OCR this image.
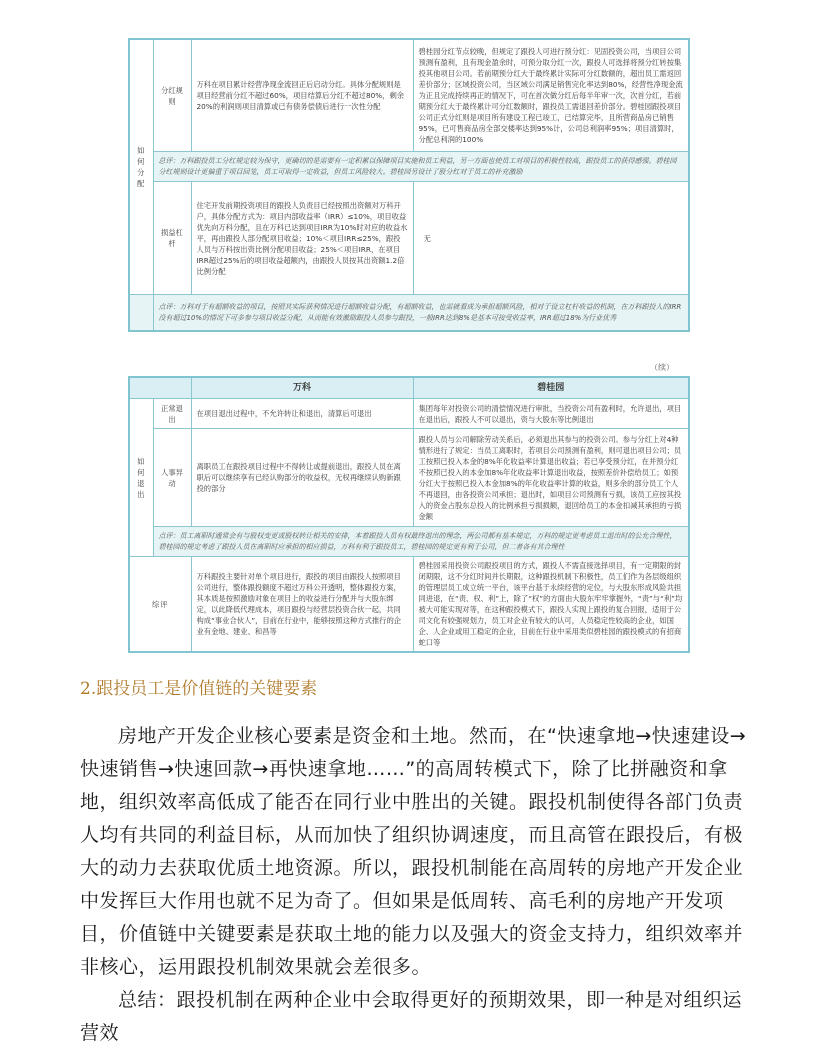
如何分配	分红规则	万科在项目累计经营净现金流回正后启动分红。具体分配规则是项目经营前分红不超过60%，项目结算后分红不超过80%，剩余20%的利润则项目清算或已有债务偿债后进行一次性分配	碧桂园分红节点较晚，但规定了跟投人可进行预分红：见固投资公司，当项目公司预测有盈利，且有现金盈余时，可预分取分红一次，跟投人可选择将预分红转按集投其他项目公司。若前期预分红大于最终累计实际可分红数额的，超出员工需返回差价部分；区域投资公司，当区域公司满足销售完化率达到80%，经营性净现金流为正且完成持续再正的情况下，可在首次做分红后每半年审一次，次首分红，若前期预分红大于最终累计可分红数额时，跟投员工需退回差价部分。碧桂园跟投项目公司正式分红则是项目所有建设工程已竣工，已结算完毕，且所营商品房已销售95%，已可售商品房全部交楼率达到95%计，公司总利润率95%；项目清算时，分配总利润的100%
	总评：万科跟投员工分红规定较为保守，更确切的是需要有一定积累以保障项目实施和员工利益，另一方面也使员工对项目的积极性较高，跟投员工的获得感强。碧桂园分红规则设计更偏重于项目回笼，员工可取得一定收益，但员工风险较大。碧桂园另设计了股分红对于员工的补充激励		
	损益杠杆	住宅开发前期投资项目的跟投人负责目已经按照出资额对万科开户，具体分配方式为：项目内部收益率（IRR）≤10%，项目收益优先向万科分配，且在万科已达到项目IRR为10%时对应的收益水平，再由跟投人部分配项目收益；10%＜项目IRR≤25%，跟投人员与万科按出资比例分配项目收益；25%＜项目IRR，在项目IRR超过25%后的项目收益超额内，由跟投人员按其出资额1.2倍比例分配	无
	点评：万科对于有超额收益的项目，按照其实际获利情况进行超额收益分配，有超额收益，也需就看成为承担超额风险，相对于设立杠杆收益的机制，在万科跟投人的IRR没有超过10%的情况下可多参与项目收益分配，从而能有效激励跟投人员参与跟投，一般IRR达到8%是基本可接受收益率，IRR超过18%为行业优秀		
（续）
		万科	碧桂园
如何退出	正常退出	在项目退出过程中，不允许转让和退出，清算后可退出	集团每年对投资公司的清偿情况进行审批，当投资公司有盈利时，允许退出，项目在退出后，跟投人不可以退出，资与大股东等比例退出
	人事异动	离职员工在跟投项目过程中不得转让或提前退出，跟投人员在离职后可以继续享有已经认购部分的收益权，无权再继续认购新跟投的部分	跟投人员与公司解除劳动关系后，必须退出其参与的投资公司。参与分红上对4种情形进行了规定：当员工离职时，若项目公司预测有盈利，则可退出项目公司；员工按照已投入本金的8%年化收益率计算退出收益；若已享受预分红，在并预分红不按照已投入的本金加8%年化收益率计算退出收益，按照差价补偿给员工；如预分红大于按照已投入本金加8%的年化收益率计算的收益，则多余的部分员工个人不再退回，由各投资公司承担；退出时，如项目公司预测有亏损，该员工应按其投入的资金占股东总投入的比例承担亏损损额，退回给员工的本金扣减其承担的亏损金额
	点评：员工离职时通常会有与股权变更或股权转让相关的安排，本着跟投人员有权最终退出的理念，两公司都有基本规定，万科的规定更考虑员工退出时的公允合理性，碧桂园的规定考虑了跟投人员在离职时应承担的相应损益，万科有利于跟投员工，碧桂园的规定更有利于公司，但二者各有其合理性		
综评		万科跟投主要针对单个项目进行，跟投的项目由跟投人按照项目公司进行，整体跟投额度不超过万科公开透明，整体跟投方案，其本质是按照激励对象在项目上的收益进行分配并与大股东绑定，以此降低代理成本，项目跟投与经营层投资合伙一起，共同构成“事业合伙人”，目前在行业中，能够按照这种方式推行的企业有金地、建业、和昌等	碧桂园采用投资公司跟投项目的方式，跟投人不需直接选择项目，有一定期限的封闭期限，这不分红时间并长期限，这种跟投机制下积极性，员工们作为各层级组织的管理层员工成立统一平台，该平台基于永续经营的定位，与大股东形成风险共担同进退，在“责、权、利”上，除了“权”的方面由大股东牢牢掌握外，“责”与“利”均被大可能实现对等，在这种跟投模式下，跟投人实现上跟投的复合回报，适用于公司文化有较强规划力，员工对企业有较大的认可，人员稳定性较高的企业，如国企、人企业或用工稳定的企业，目前在行业中采用类似碧桂园的跟投模式的有招商蛇口等
2.跟投员工是价值链的关键要素

房地产开发企业核心要素是资金和土地。然而，在“快速拿地→快速建设→快速销售→快速回款→再快速拿地……”的高周转模式下，除了比拼融资和拿地，组织效率高低成了能否在同行业中胜出的关键。跟投机制使得各部门负责人均有共同的利益目标，从而加快了组织协调速度，而且高管在跟投后，有极大的动力去获取优质土地资源。所以，跟投机制能在高周转的房地产开发企业中发挥巨大作用也就不足为奇了。但如果是低周转、高毛利的房地产开发项目，价值链中关键要素是获取土地的能力以及强大的资金支持力，组织效率并非核心，运用跟投机制效果就会差很多。

总结：跟投机制在两种企业中会取得更好的预期效果，即一种是对组织运营效
